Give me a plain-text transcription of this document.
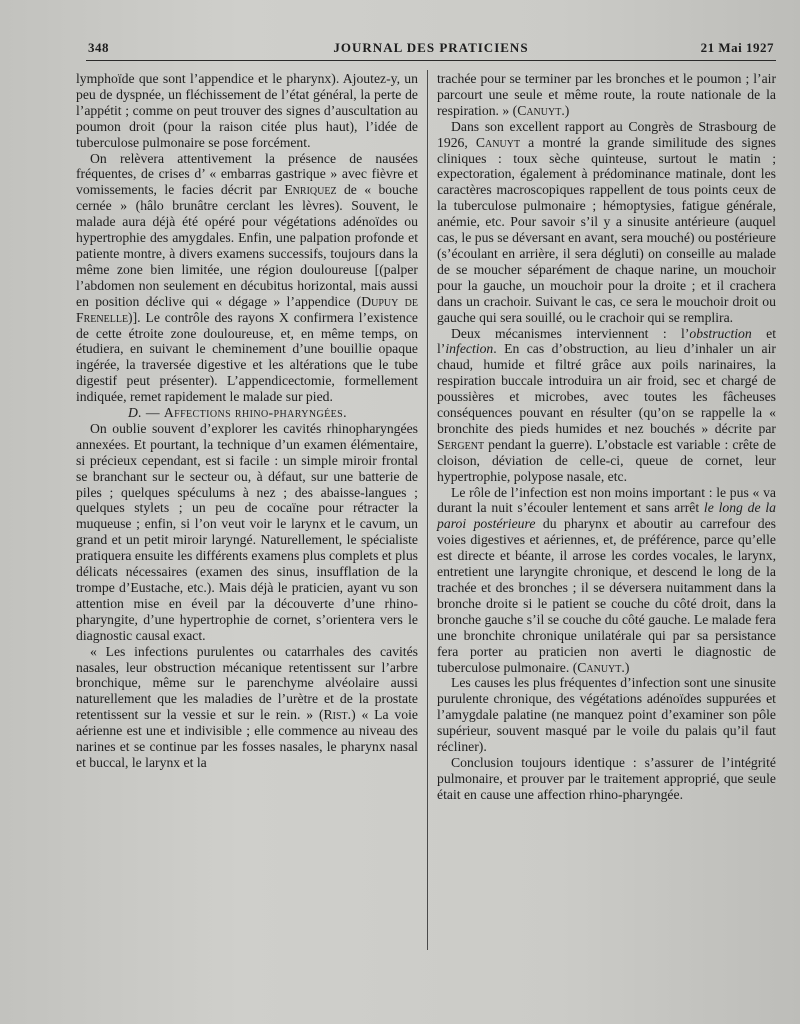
348	JOURNAL DES PRATICIENS	21 Mai 1927

lymphoïde que sont l’appendice et le pharynx). Ajoutez-y, un peu de dyspnée, un fléchissement de l’état général, la perte de l’appétit ; comme on peut trouver des signes d’auscultation au poumon droit (pour la raison citée plus haut), l’idée de tuberculose pulmonaire se pose forcément.

On relèvera attentivement la présence de nausées fréquentes, de crises d’ « embarras gastrique » avec fièvre et vomissements, le facies décrit par Enriquez de « bouche cernée » (hâlo brunâtre cerclant les lèvres). Souvent, le malade aura déjà été opéré pour végétations adénoïdes ou hypertrophie des amygdales. Enfin, une palpation profonde et patiente montre, à divers examens successifs, toujours dans la même zone bien limitée, une région douloureuse [(palper l’abdomen non seulement en décubitus horizontal, mais aussi en position déclive qui « dégage » l’appendice (Dupuy de Frenelle)]. Le contrôle des rayons X confirmera l’existence de cette étroite zone douloureuse, et, en même temps, on étudiera, en suivant le cheminement d’une bouillie opaque ingérée, la traversée digestive et les altérations que le tube digestif peut présenter). L’appendicectomie, formellement indiquée, remet rapidement le malade sur pied.

D. — Affections rhino-pharyngées.

On oublie souvent d’explorer les cavités rhinopharyngées annexées. Et pourtant, la technique d’un examen élémentaire, si précieux cependant, est si facile : un simple miroir frontal se branchant sur le secteur ou, à défaut, sur une batterie de piles ; quelques spéculums à nez ; des abaisse-langues ; quelques stylets ; un peu de cocaïne pour rétracter la muqueuse ; enfin, si l’on veut voir le larynx et le cavum, un grand et un petit miroir laryngé. Naturellement, le spécialiste pratiquera ensuite les différents examens plus complets et plus délicats nécessaires (examen des sinus, insufflation de la trompe d’Eustache, etc.). Mais déjà le praticien, ayant vu son attention mise en éveil par la découverte d’une rhino-pharyngite, d’une hypertrophie de cornet, s’orientera vers le diagnostic causal exact.

« Les infections purulentes ou catarrhales des cavités nasales, leur obstruction mécanique retentissent sur l’arbre bronchique, même sur le parenchyme alvéolaire aussi naturellement que les maladies de l’urètre et de la prostate retentissent sur la vessie et sur le rein. » (Rist.) « La voie aérienne est une et indivisible ; elle commence au niveau des narines et se continue par les fosses nasales, le pharynx nasal et buccal, le larynx et la

trachée pour se terminer par les bronches et le poumon ; l’air parcourt une seule et même route, la route nationale de la respiration. » (Canuyt.)

Dans son excellent rapport au Congrès de Strasbourg de 1926, Canuyt a montré la grande similitude des signes cliniques : toux sèche quinteuse, surtout le matin ; expectoration, également à prédominance matinale, dont les caractères macroscopiques rappellent de tous points ceux de la tuberculose pulmonaire ; hémoptysies, fatigue générale, anémie, etc. Pour savoir s’il y a sinusite antérieure (auquel cas, le pus se déversant en avant, sera mouché) ou postérieure (s’écoulant en arrière, il sera dégluti) on conseille au malade de se moucher séparément de chaque narine, un mouchoir pour la gauche, un mouchoir pour la droite ; et il crachera dans un crachoir. Suivant le cas, ce sera le mouchoir droit ou gauche qui sera souillé, ou le crachoir qui se remplira.

Deux mécanismes interviennent : l’obstruction et l’infection. En cas d’obstruction, au lieu d’inhaler un air chaud, humide et filtré grâce aux poils narinaires, la respiration buccale introduira un air froid, sec et chargé de poussières et microbes, avec toutes les fâcheuses conséquences pouvant en résulter (qu’on se rappelle la « bronchite des pieds humides et nez bouchés » décrite par Sergent pendant la guerre). L’obstacle est variable : crête de cloison, déviation de celle-ci, queue de cornet, leur hypertrophie, polypose nasale, etc.

Le rôle de l’infection est non moins important : le pus « va durant la nuit s’écouler lentement et sans arrêt le long de la paroi postérieure du pharynx et aboutir au carrefour des voies digestives et aériennes, et, de préférence, parce qu’elle est directe et béante, il arrose les cordes vocales, le larynx, entretient une laryngite chronique, et descend le long de la trachée et des bronches ; il se déversera nuitamment dans la bronche droite si le patient se couche du côté droit, dans la bronche gauche s’il se couche du côté gauche. Le malade fera une bronchite chronique unilatérale qui par sa persistance fera porter au praticien non averti le diagnostic de tuberculose pulmonaire. (Canuyt.)

Les causes les plus fréquentes d’infection sont une sinusite purulente chronique, des végétations adénoïdes suppurées et l’amygdale palatine (ne manquez point d’examiner son pôle supérieur, souvent masqué par le voile du palais qu’il faut récliner).

Conclusion toujours identique : s’assurer de l’intégrité pulmonaire, et prouver par le traitement approprié, que seule était en cause une affection rhino-pharyngée.
